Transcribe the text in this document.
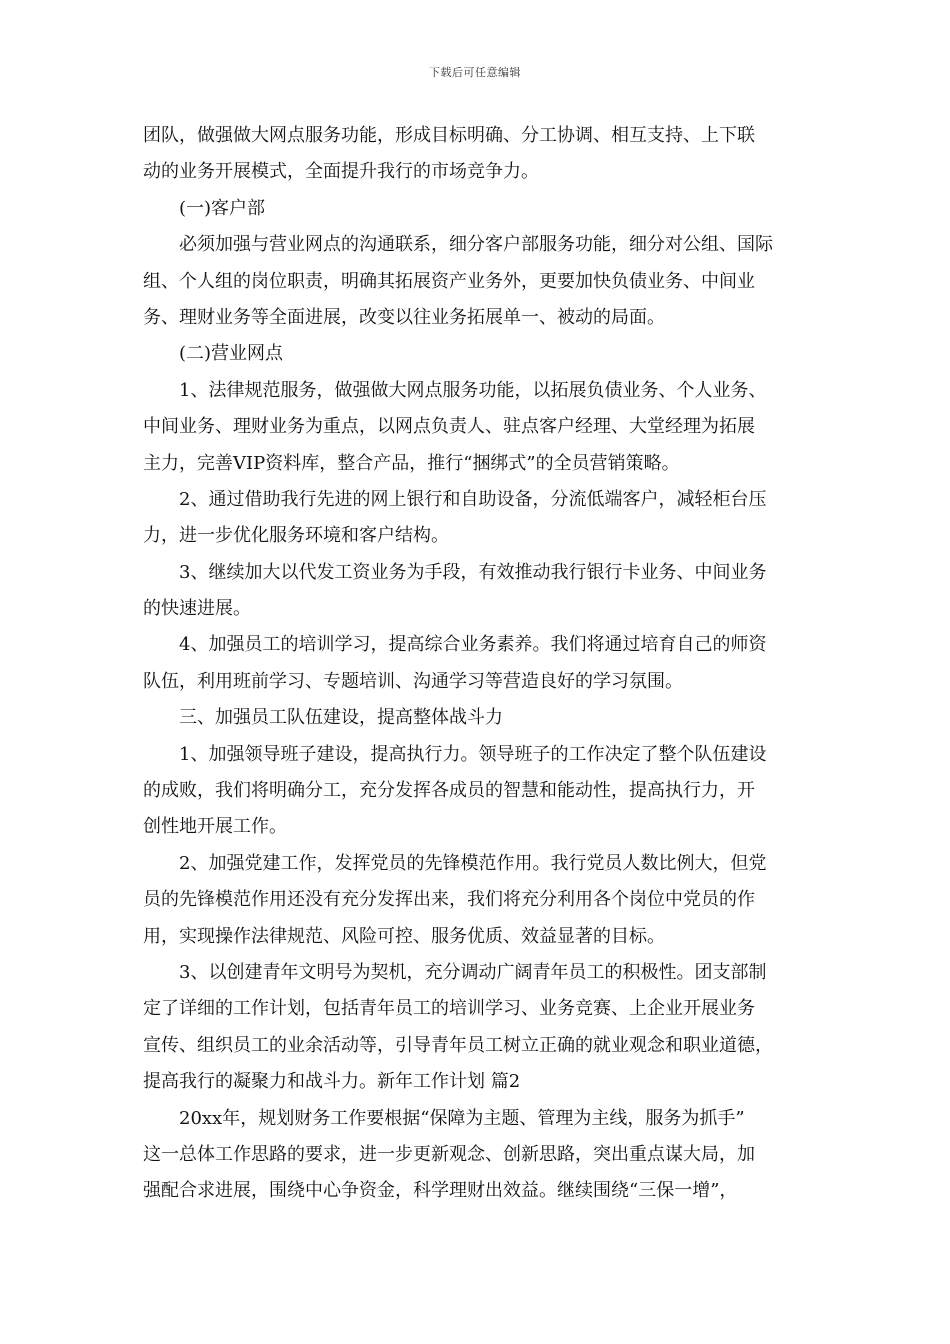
下载后可任意编辑
团队，做强做大网点服务功能，形成目标明确、分工协调、相互支持、上下联
动的业务开展模式，全面提升我行的市场竞争力。
(一)客户部
必须加强与营业网点的沟通联系，细分客户部服务功能，细分对公组、国际
组、个人组的岗位职责，明确其拓展资产业务外，更要加快负债业务、中间业
务、理财业务等全面进展，改变以往业务拓展单一、被动的局面。
(二)营业网点
1、法律规范服务，做强做大网点服务功能，以拓展负债业务、个人业务、
中间业务、理财业务为重点，以网点负责人、驻点客户经理、大堂经理为拓展
主力，完善VIP资料库，整合产品，推行“捆绑式”的全员营销策略。
2、通过借助我行先进的网上银行和自助设备，分流低端客户，减轻柜台压
力，进一步优化服务环境和客户结构。
3、继续加大以代发工资业务为手段，有效推动我行银行卡业务、中间业务
的快速进展。
4、加强员工的培训学习，提高综合业务素养。我们将通过培育自己的师资
队伍，利用班前学习、专题培训、沟通学习等营造良好的学习氛围。
三、加强员工队伍建设，提高整体战斗力
1、加强领导班子建设，提高执行力。领导班子的工作决定了整个队伍建设
的成败，我们将明确分工，充分发挥各成员的智慧和能动性，提高执行力，开
创性地开展工作。
2、加强党建工作，发挥党员的先锋模范作用。我行党员人数比例大，但党
员的先锋模范作用还没有充分发挥出来，我们将充分利用各个岗位中党员的作
用，实现操作法律规范、风险可控、服务优质、效益显著的目标。
3、以创建青年文明号为契机，充分调动广阔青年员工的积极性。团支部制
定了详细的工作计划，包括青年员工的培训学习、业务竞赛、上企业开展业务
宣传、组织员工的业余活动等，引导青年员工树立正确的就业观念和职业道德，
提高我行的凝聚力和战斗力。新年工作计划 篇2
20xx年，规划财务工作要根据“保障为主题、管理为主线，服务为抓手”
这一总体工作思路的要求，进一步更新观念、创新思路，突出重点谋大局，加
强配合求进展，围绕中心争资金，科学理财出效益。继续围绕“三保一增”，
